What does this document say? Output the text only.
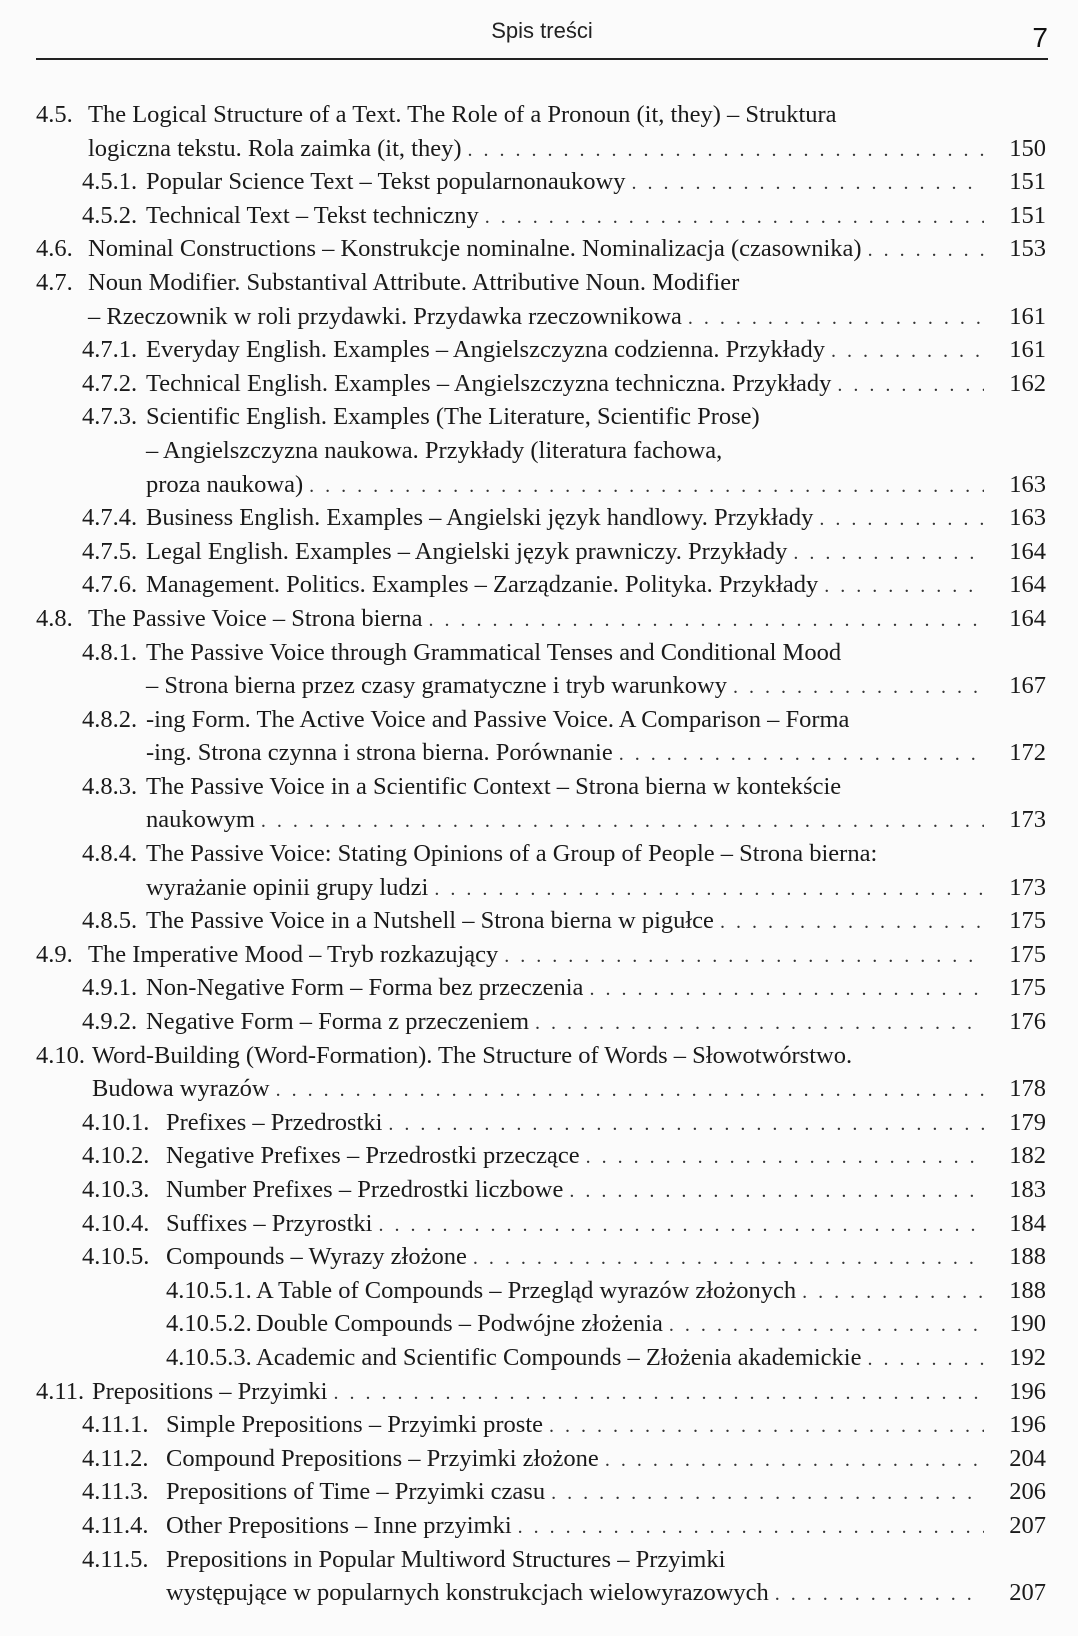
Spis treści	7
4.5. The Logical Structure of a Text. The Role of a Pronoun (it, they) – Struktura
logiczna tekstu. Rola zaimka (it, they) . . .	150
4.5.1. Popular Science Text – Tekst popularnonaukowy . . .	151
4.5.2. Technical Text – Tekst techniczny . . .	151
4.6. Nominal Constructions – Konstrukcje nominalne. Nominalizacja (czasownika) . . .	153
4.7. Noun Modifier. Substantival Attribute. Attributive Noun. Modifier
– Rzeczownik w roli przydawki. Przydawka rzeczownikowa . . .	161
4.7.1. Everyday English. Examples – Angielszczyzna codzienna. Przykłady . . .	161
4.7.2. Technical English. Examples – Angielszczyzna techniczna. Przykłady . . .	162
4.7.3. Scientific English. Examples (The Literature, Scientific Prose)
– Angielszczyzna naukowa. Przykłady (literatura fachowa,
proza naukowa) . . .	163
4.7.4. Business English. Examples – Angielski język handlowy. Przykłady . . .	163
4.7.5. Legal English. Examples – Angielski język prawniczy. Przykłady . . .	164
4.7.6. Management. Politics. Examples – Zarządzanie. Polityka. Przykłady . . .	164
4.8. The Passive Voice – Strona bierna . . .	164
4.8.1. The Passive Voice through Grammatical Tenses and Conditional Mood
– Strona bierna przez czasy gramatyczne i tryb warunkowy . . .	167
4.8.2. -ing Form. The Active Voice and Passive Voice. A Comparison – Forma
-ing. Strona czynna i strona bierna. Porównanie . . .	172
4.8.3. The Passive Voice in a Scientific Context – Strona bierna w kontekście
naukowym . . .	173
4.8.4. The Passive Voice: Stating Opinions of a Group of People – Strona bierna:
wyrażanie opinii grupy ludzi . . .	173
4.8.5. The Passive Voice in a Nutshell – Strona bierna w pigułce . . .	175
4.9. The Imperative Mood – Tryb rozkazujący . . .	175
4.9.1. Non-Negative Form – Forma bez przeczenia . . .	175
4.9.2. Negative Form – Forma z przeczeniem . . .	176
4.10. Word-Building (Word-Formation). The Structure of Words – Słowotwórstwo.
Budowa wyrazów . . .	178
4.10.1. Prefixes – Przedrostki . . .	179
4.10.2. Negative Prefixes – Przedrostki przeczące . . .	182
4.10.3. Number Prefixes – Przedrostki liczbowe . . .	183
4.10.4. Suffixes – Przyrostki . . .	184
4.10.5. Compounds – Wyrazy złożone . . .	188
4.10.5.1. A Table of Compounds – Przegląd wyrazów złożonych . . .	188
4.10.5.2. Double Compounds – Podwójne złożenia . . .	190
4.10.5.3. Academic and Scientific Compounds – Złożenia akademickie . . .	192
4.11. Prepositions – Przyimki . . .	196
4.11.1. Simple Prepositions – Przyimki proste . . .	196
4.11.2. Compound Prepositions – Przyimki złożone . . .	204
4.11.3. Prepositions of Time – Przyimki czasu . . .	206
4.11.4. Other Prepositions – Inne przyimki . . .	207
4.11.5. Prepositions in Popular Multiword Structures – Przyimki
występujące w popularnych konstrukcjach wielowyrazowych . . .	207
